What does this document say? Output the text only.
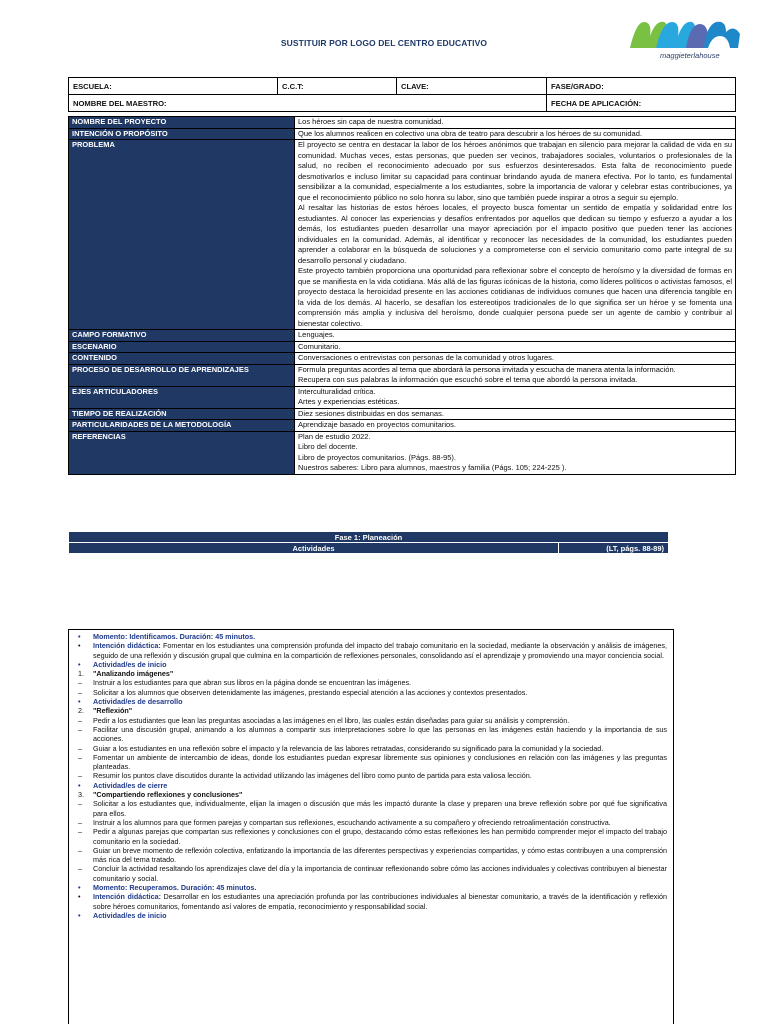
SUSTITUIR POR LOGO DEL CENTRO EDUCATIVO
maggieterlahouse
ESCUELA:	C.C.T:	CLAVE:	FASE/GRADO:
NOMBRE DEL MAESTRO:			FECHA DE APLICACIÓN:
NOMBRE DEL PROYECTO	Los héroes sin capa de nuestra comunidad.

INTENCIÓN O PROPÓSITO	Que los alumnos realicen en colectivo una obra de teatro para descubrir a los héroes de su comunidad.

PROBLEMA	El proyecto se centra en destacar la labor de los héroes anónimos que trabajan en silencio para mejorar la calidad de vida en su comunidad. Muchas veces, estas personas, que pueden ser vecinos, trabajadores sociales, voluntarios o profesionales de la salud, no reciben el reconocimiento adecuado por sus esfuerzos desinteresados. Esta falta de reconocimiento puede desmotivarlos e incluso limitar su capacidad para continuar brindando ayuda de manera efectiva. Por lo tanto, es fundamental sensibilizar a la comunidad, especialmente a los estudiantes, sobre la importancia de valorar y celebrar estas contribuciones, ya que el reconocimiento público no solo honra su labor, sino que también puede inspirar a otros a seguir su ejemplo.

Al resaltar las historias de estos héroes locales, el proyecto busca fomentar un sentido de empatía y solidaridad entre los estudiantes. Al conocer las experiencias y desafíos enfrentados por aquellos que dedican su tiempo y esfuerzo a ayudar a los demás, los estudiantes pueden desarrollar una mayor apreciación por el impacto positivo que pueden tener las acciones individuales en la comunidad. Además, al identificar y reconocer las necesidades de la comunidad, los estudiantes pueden aprender a colaborar en la búsqueda de soluciones y a comprometerse con el servicio comunitario como parte integral de su desarrollo personal y ciudadano.

Este proyecto también proporciona una oportunidad para reflexionar sobre el concepto de heroísmo y la diversidad de formas en que se manifiesta en la vida cotidiana. Más allá de las figuras icónicas de la historia, como líderes políticos o activistas famosos, el proyecto destaca la heroicidad presente en las acciones cotidianas de individuos comunes que hacen una diferencia tangible en la vida de los demás. Al hacerlo, se desafían los estereotipos tradicionales de lo que significa ser un héroe y se fomenta una comprensión más amplia y inclusiva del heroísmo, donde cualquier persona puede ser un agente de cambio y contribuir al bienestar colectivo.

CAMPO FORMATIVO	Lenguajes.

ESCENARIO	Comunitario.

CONTENIDO	Conversaciones o entrevistas con personas de la comunidad y otros lugares.

PROCESO DE DESARROLLO DE APRENDIZAJES	Formula preguntas acordes al tema que abordará la persona invitada y escucha de manera atenta la información.

Recupera con sus palabras la información que escuchó sobre el tema que abordó la persona invitada.

EJES ARTICULADORES	Interculturalidad crítica.

Artes y experiencias estéticas.

TIEMPO DE REALIZACIÓN	Diez sesiones distribuidas en dos semanas.

PARTICULARIDADES DE LA METODOLOGÍA	Aprendizaje basado en proyectos comunitarios.

REFERENCIAS	Plan de estudio 2022.

Libro del docente.

Libro de proyectos comunitarios. (Págs. 88-95).

Nuestros saberes: Libro para alumnos, maestros y familia (Págs. 105; 224-225 ).

Fase 1: Planeación
Actividades	(LT, págs. 88-89)
•	Momento: Identificamos. Duración: 45 minutos.
•	Intención didáctica: Fomentar en los estudiantes una comprensión profunda del impacto del trabajo comunitario en la sociedad, mediante la observación y análisis de imágenes, seguido de una reflexión y discusión grupal que culmina en la compartición de reflexiones personales, consolidando así el aprendizaje y promoviendo una mayor conciencia social.
•	Actividad/es de inicio
1.	"Analizando imágenes"
–	Instruir a los estudiantes para que abran sus libros en la página donde se encuentran las imágenes.
–	Solicitar a los alumnos que observen detenidamente las imágenes, prestando especial atención a las acciones y contextos presentados.
•	Actividad/es de desarrollo
2.	"Reflexión"
–	Pedir a los estudiantes que lean las preguntas asociadas a las imágenes en el libro, las cuales están diseñadas para guiar su análisis y comprensión.
–	Facilitar una discusión grupal, animando a los alumnos a compartir sus interpretaciones sobre lo que las personas en las imágenes están haciendo y la importancia de sus acciones.
–	Guiar a los estudiantes en una reflexión sobre el impacto y la relevancia de las labores retratadas, considerando su significado para la comunidad y la sociedad.
–	Fomentar un ambiente de intercambio de ideas, donde los estudiantes puedan expresar libremente sus opiniones y conclusiones en relación con las imágenes y las preguntas planteadas.
–	Resumir los puntos clave discutidos durante la actividad utilizando las imágenes del libro como punto de partida para esta valiosa lección.
•	Actividad/es de cierre
3.	"Compartiendo reflexiones y conclusiones"
–	Solicitar a los estudiantes que, individualmente, elijan la imagen o discusión que más les impactó durante la clase y preparen una breve reflexión sobre por qué fue significativa para ellos.
–	Instruir a los alumnos para que formen parejas y compartan sus reflexiones, escuchando activamente a su compañero y ofreciendo retroalimentación constructiva.
–	Pedir a algunas parejas que compartan sus reflexiones y conclusiones con el grupo, destacando cómo estas reflexiones les han permitido comprender mejor el impacto del trabajo comunitario en la sociedad.
–	Guiar un breve momento de reflexión colectiva, enfatizando la importancia de las diferentes perspectivas y experiencias compartidas, y cómo estas contribuyen a una comprensión más rica del tema tratado.
–	Concluir la actividad resaltando los aprendizajes clave del día y la importancia de continuar reflexionando sobre cómo las acciones individuales y colectivas contribuyen al bienestar comunitario y social.
•	Momento: Recuperamos. Duración: 45 minutos.
•	Intención didáctica: Desarrollar en los estudiantes una apreciación profunda por las contribuciones individuales al bienestar comunitario, a través de la identificación y reflexión sobre héroes comunitarios, fomentando así valores de empatía, reconocimiento y responsabilidad social.
•	Actividad/es de inicio
